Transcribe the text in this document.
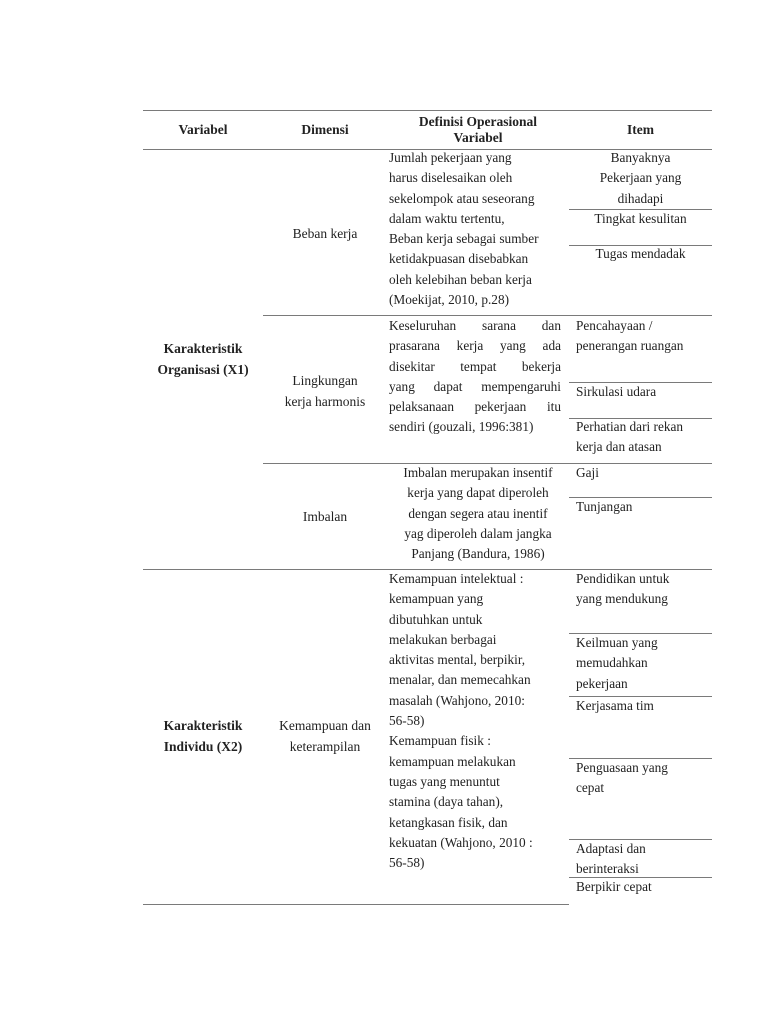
Variabel	Dimensi	Definisi Operasional
Variabel
Item
Karakteristik
Organisasi (X1)
Beban kerja
Jumlah pekerjaan yang
harus diselesaikan oleh
sekelompok atau seseorang
dalam waktu tertentu,
Beban kerja sebagai sumber
ketidakpuasan disebabkan
oleh kelebihan beban kerja
(Moekijat, 2010, p.28)
Banyaknya
Pekerjaan yang
dihadapi
Tingkat kesulitan
Tugas mendadak
Lingkungan
kerja harmonis
Keseluruhan sarana dan
prasarana kerja yang ada
disekitar tempat bekerja
yang dapat mempengaruhi
pelaksanaan pekerjaan itu
sendiri (gouzali, 1996:381)
Pencahayaan /
penerangan ruangan
Sirkulasi udara
Perhatian dari rekan
kerja dan atasan
Imbalan
Imbalan merupakan insentif
kerja yang dapat diperoleh
dengan segera atau inentif
yag diperoleh dalam jangka
Panjang (Bandura, 1986)
Gaji
Tunjangan
Karakteristik
Individu (X2)
Kemampuan dan
keterampilan
Kemampuan intelektual :
kemampuan yang
dibutuhkan untuk
melakukan berbagai
aktivitas mental, berpikir,
menalar, dan memecahkan
masalah (Wahjono, 2010:
56-58)
Kemampuan fisik :
kemampuan melakukan
tugas yang menuntut
stamina (daya tahan),
ketangkasan fisik, dan
kekuatan (Wahjono, 2010 :
56-58)
Pendidikan untuk
yang mendukung
Keilmuan yang
memudahkan
pekerjaan
Kerjasama tim
Penguasaan yang
cepat
Adaptasi dan
berinteraksi
Berpikir cepat
